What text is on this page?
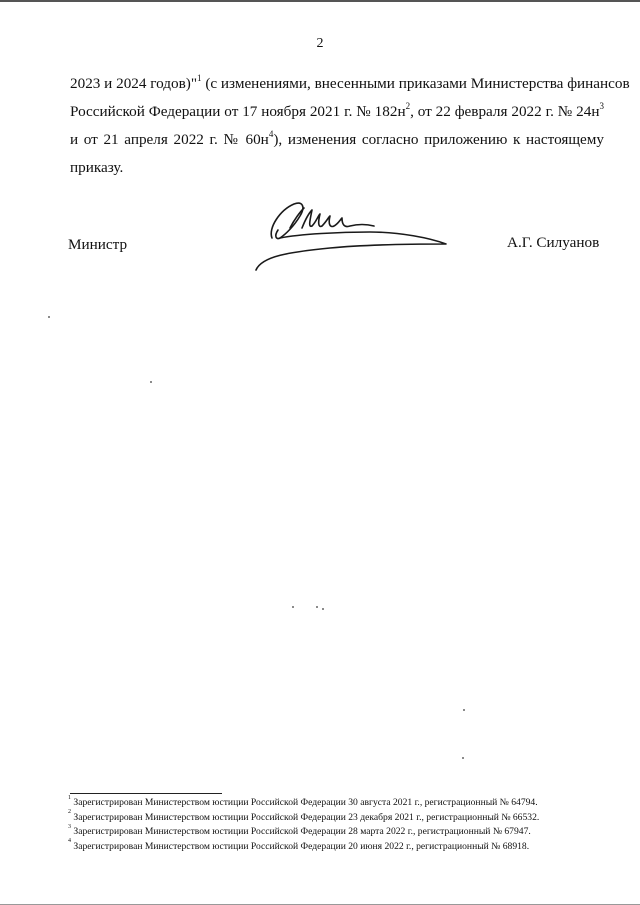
2
2023 и 2024 годов)"$^1$ (с изменениями, внесенными приказами Министерства финансов
Российской Федерации от 17 ноября 2021 г. № $182н^2$, от 22 февраля 2022 г. № $24н^3$
и от 21 апреля 2022 г. № $60н^4$), изменения согласно приложению к настоящему
приказу.
Министр	А.Г. Силуанов
$^1$ Зарегистрирован Министерством юстиции Российской Федерации 30 августа 2021 г., регистрационный № 64794.
$^2$ Зарегистрирован Министерством юстиции Российской Федерации 23 декабря 2021 г., регистрационный № 66532.
$^3$ Зарегистрирован Министерством юстиции Российской Федерации 28 марта 2022 г., регистрационный № 67947.
$^4$ Зарегистрирован Министерством юстиции Российской Федерации 20 июня 2022 г., регистрационный № 68918.
